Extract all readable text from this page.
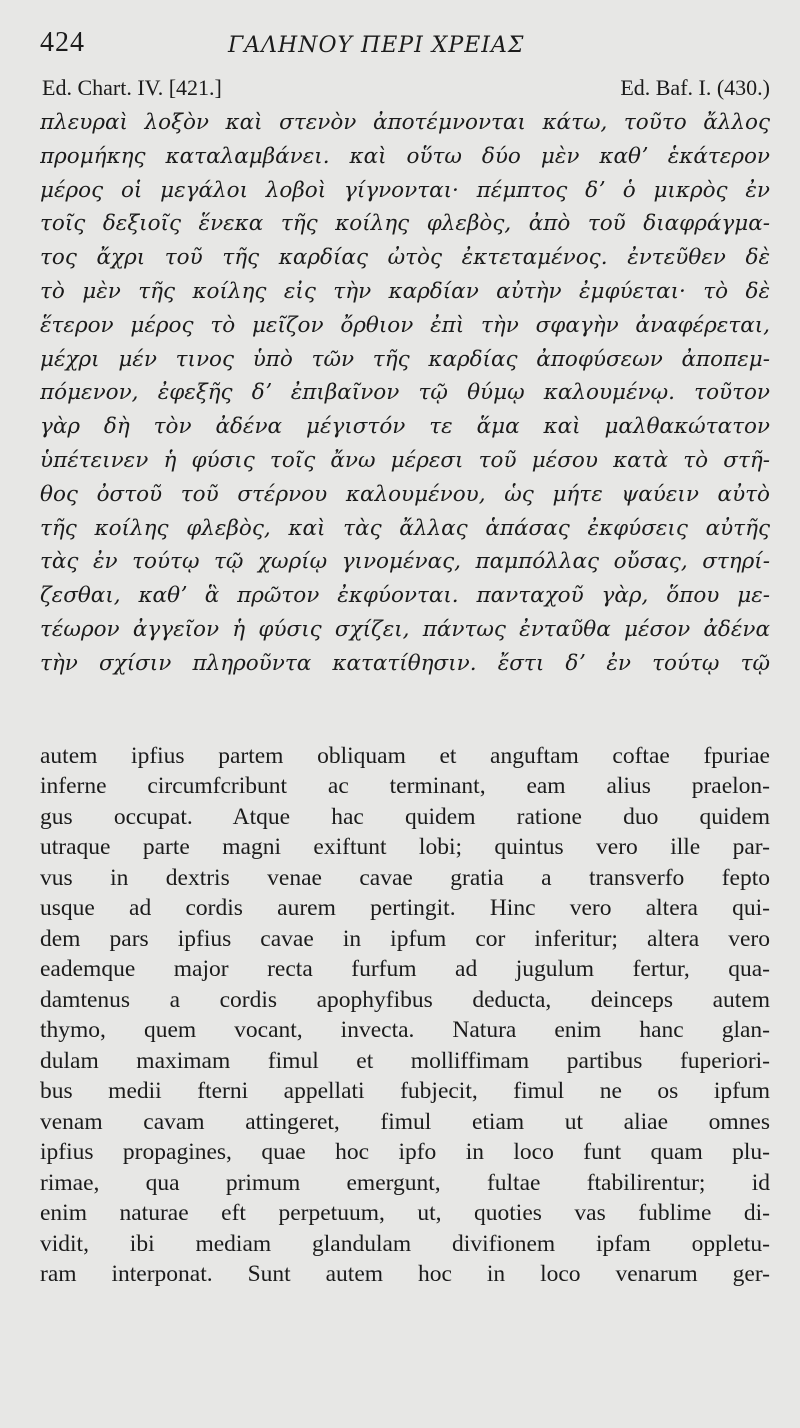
424	ΓΑΛΗΝΟΥ ΠΕΡΙ ΧΡΕΙΑΣ
Ed. Chart. IV. [421.]	Ed. Baf. I. (430.)
πλευραὶ λοξὸν καὶ στενὸν ἀποτέμνονται κάτω, τοῦτο ἄλλος
προμήκης καταλαμβάνει. καὶ οὕτω δύο μὲν καθʼ ἑκάτερον
μέρος οἱ μεγάλοι λοβοὶ γίγνονται· πέμπτος δʼ ὁ μικρὸς ἐν
τοῖς δεξιοῖς ἕνεκα τῆς κοίλης φλεβὸς, ἀπὸ τοῦ διαφράγμα-
τος ἄχρι τοῦ τῆς καρδίας ὠτὸς ἐκτεταμένος. ἐντεῦθεν δὲ
τὸ μὲν τῆς κοίλης εἰς τὴν καρδίαν αὐτὴν ἐμφύεται· τὸ δὲ
ἕτερον μέρος τὸ μεῖζον ὄρθιον ἐπὶ τὴν σφαγὴν ἀναφέρεται,
μέχρι μέν τινος ὑπὸ τῶν τῆς καρδίας ἀποφύσεων ἀποπεμ-
πόμενον, ἐφεξῆς δʼ ἐπιβαῖνον τῷ θύμῳ καλουμένῳ. τοῦτον
γὰρ δὴ τὸν ἀδένα μέγιστόν τε ἅμα καὶ μαλθακώτατον
ὑπέτεινεν ἡ φύσις τοῖς ἄνω μέρεσι τοῦ μέσου κατὰ τὸ στῆ-
θος ὀστοῦ τοῦ στέρνου καλουμένου, ὡς μήτε ψαύειν αὐτὸ
τῆς κοίλης φλεβὸς, καὶ τὰς ἄλλας ἁπάσας ἐκφύσεις αὐτῆς
τὰς ἐν τούτῳ τῷ χωρίῳ γινομένας, παμπόλλας οὔσας, στηρί-
ζεσθαι, καθʼ ἃ πρῶτον ἐκφύονται. πανταχοῦ γὰρ, ὅπου με-
τέωρον ἀγγεῖον ἡ φύσις σχίζει, πάντως ἐνταῦθα μέσον ἀδένα
τὴν σχίσιν πληροῦντα κατατίθησιν. ἔστι δʼ ἐν τούτῳ τῷ
autem ipfius partem obliquam et anguftam coftae fpuriae
inferne circumfcribunt ac terminant, eam alius praelon-
gus occupat. Atque hac quidem ratione duo quidem
utraque parte magni exiftunt lobi; quintus vero ille par-
vus in dextris venae cavae gratia a transverfo fepto
usque ad cordis aurem pertingit. Hinc vero altera qui-
dem pars ipfius cavae in ipfum cor inferitur; altera vero
eademque major recta furfum ad jugulum fertur, qua-
damtenus a cordis apophyfibus deducta, deinceps autem
thymo, quem vocant, invecta. Natura enim hanc glan-
dulam maximam fimul et molliffimam partibus fuperiori-
bus medii fterni appellati fubjecit, fimul ne os ipfum
venam cavam attingeret, fimul etiam ut aliae omnes
ipfius propagines, quae hoc ipfo in loco funt quam plu-
rimae, qua primum emergunt, fultae ftabilirentur; id
enim naturae eft perpetuum, ut, quoties vas fublime di-
vidit, ibi mediam glandulam divifionem ipfam oppletu-
ram interponat. Sunt autem hoc in loco venarum ger-
